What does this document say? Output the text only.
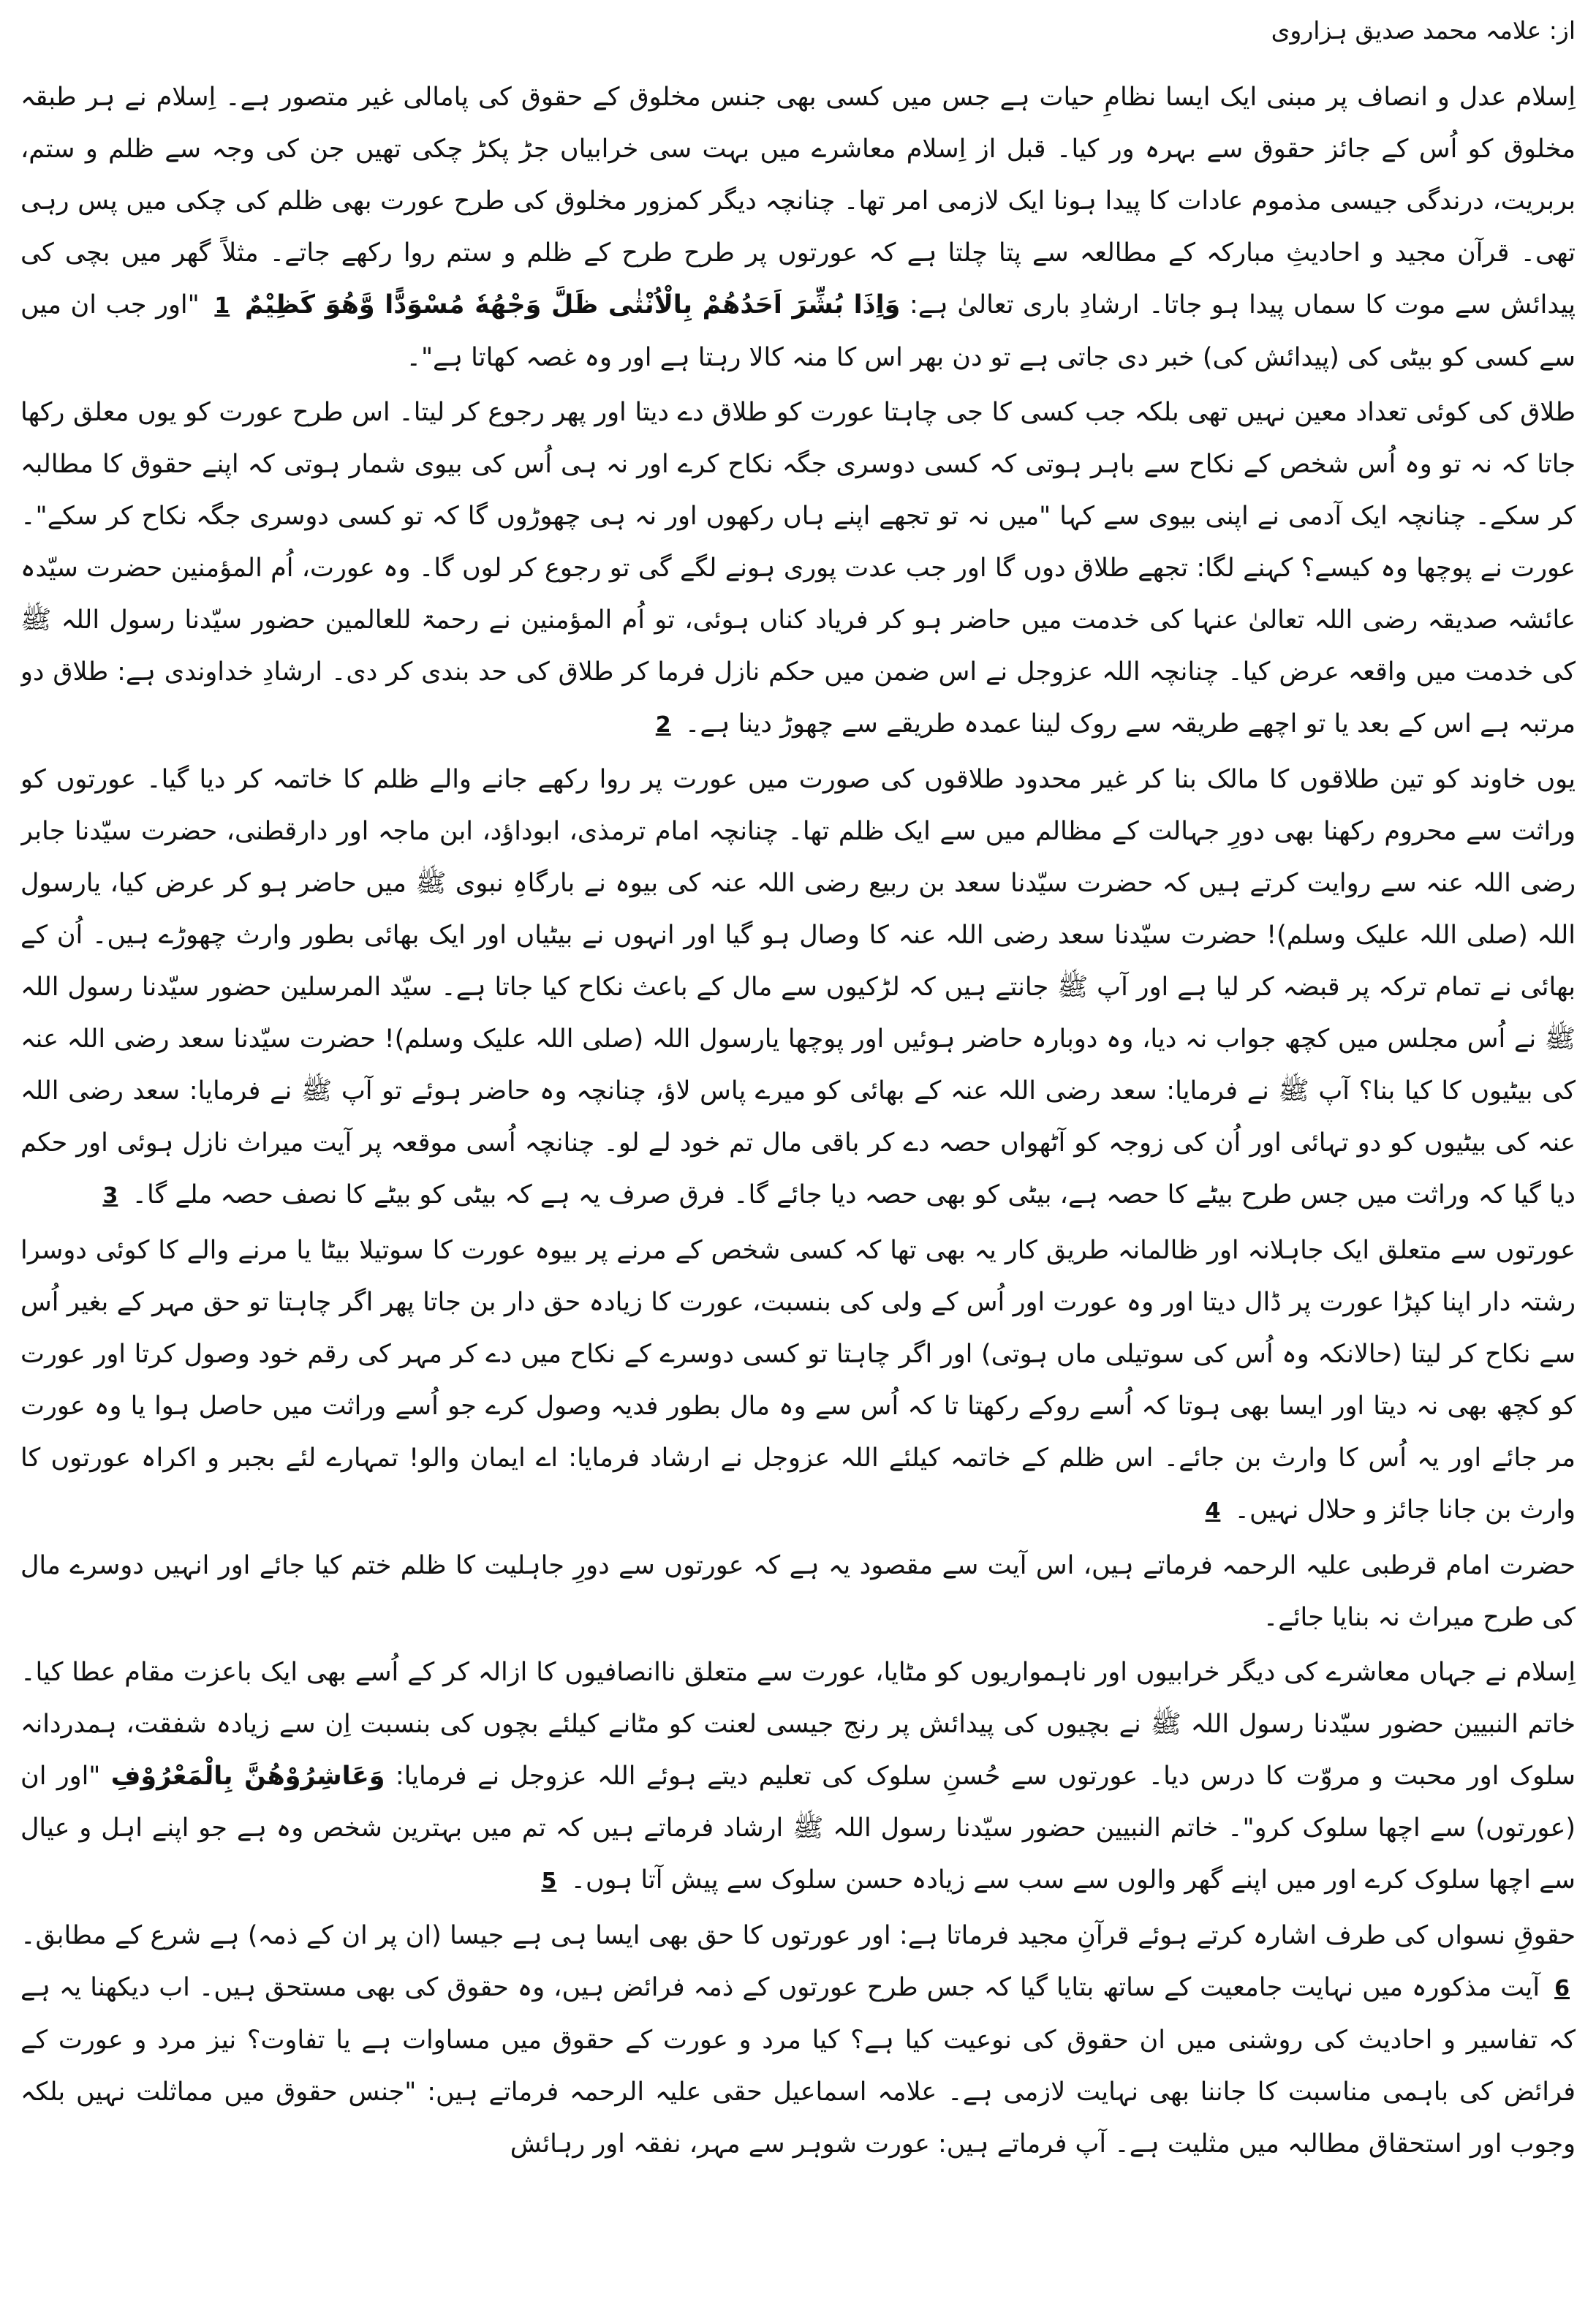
از: علامہ محمد صدیق ہزاروی
اِسلام عدل و انصاف پر مبنی ایک ایسا نظامِ حیات ہے جس میں کسی بھی جنس مخلوق کے حقوق کی پامالی غیر متصور ہے۔ اِسلام نے ہر طبقہ مخلوق کو اُس کے جائز حقوق سے بہرہ ور کیا۔ قبل از اِسلام معاشرے میں بہت سی خرابیاں جڑ پکڑ چکی تھیں جن کی وجہ سے ظلم و ستم، بربریت، درندگی جیسی مذموم عادات کا پیدا ہونا ایک لازمی امر تھا۔ چنانچہ دیگر کمزور مخلوق کی طرح عورت بھی ظلم کی چکی میں پس رہی تھی۔ قرآن مجید و احادیثِ مبارکہ کے مطالعہ سے پتا چلتا ہے کہ عورتوں پر طرح طرح کے ظلم و ستم روا رکھے جاتے۔ مثلاً گھر میں بچی کی پیدائش سے موت کا سماں پیدا ہو جاتا۔ ارشادِ باری تعالیٰ ہے: وَاِذَا بُشِّرَ اَحَدُهُمْ بِالْاُنْثٰى ظَلَّ وَجْهُهٗ مُسْوَدًّا وَّهُوَ كَظِيْمٌ 1 "اور جب ان میں سے کسی کو بیٹی کی (پیدائش کی) خبر دی جاتی ہے تو دن بھر اس کا منہ کالا رہتا ہے اور وہ غصہ کھاتا ہے"۔
طلاق کی کوئی تعداد معین نہیں تھی بلکہ جب کسی کا جی چاہتا عورت کو طلاق دے دیتا اور پھر رجوع کر لیتا۔ اس طرح عورت کو یوں معلق رکھا جاتا کہ نہ تو وہ اُس شخص کے نکاح سے باہر ہوتی کہ کسی دوسری جگہ نکاح کرے اور نہ ہی اُس کی بیوی شمار ہوتی کہ اپنے حقوق کا مطالبہ کر سکے۔ چنانچہ ایک آدمی نے اپنی بیوی سے کہا "میں نہ تو تجھے اپنے ہاں رکھوں اور نہ ہی چھوڑوں گا کہ تو کسی دوسری جگہ نکاح کر سکے"۔ عورت نے پوچھا وہ کیسے؟ کہنے لگا: تجھے طلاق دوں گا اور جب عدت پوری ہونے لگے گی تو رجوع کر لوں گا۔ وہ عورت، اُم المؤمنین حضرت سیّدہ عائشہ صدیقہ رضی اللہ تعالیٰ عنہا کی خدمت میں حاضر ہو کر فریاد کناں ہوئی، تو اُم المؤمنین نے رحمۃ للعالمین حضور سیّدنا رسول اللہ ﷺ کی خدمت میں واقعہ عرض کیا۔ چنانچہ اللہ عزوجل نے اس ضمن میں حکم نازل فرما کر طلاق کی حد بندی کر دی۔ ارشادِ خداوندی ہے: طلاق دو مرتبہ ہے اس کے بعد یا تو اچھے طریقہ سے روک لینا عمدہ طریقے سے چھوڑ دینا ہے۔ 2
یوں خاوند کو تین طلاقوں کا مالک بنا کر غیر محدود طلاقوں کی صورت میں عورت پر روا رکھے جانے والے ظلم کا خاتمہ کر دیا گیا۔ عورتوں کو وراثت سے محروم رکھنا بھی دورِ جہالت کے مظالم میں سے ایک ظلم تھا۔ چنانچہ امام ترمذی، ابوداؤد، ابن ماجہ اور دارقطنی، حضرت سیّدنا جابر رضی اللہ عنہ سے روایت کرتے ہیں کہ حضرت سیّدنا سعد بن ربیع رضی اللہ عنہ کی بیوہ نے بارگاہِ نبوی ﷺ میں حاضر ہو کر عرض کیا، یارسول اللہ (صلی اللہ علیک وسلم)! حضرت سیّدنا سعد رضی اللہ عنہ کا وصال ہو گیا اور انہوں نے بیٹیاں اور ایک بھائی بطور وارث چھوڑے ہیں۔ اُن کے بھائی نے تمام ترکہ پر قبضہ کر لیا ہے اور آپ ﷺ جانتے ہیں کہ لڑکیوں سے مال کے باعث نکاح کیا جاتا ہے۔ سیّد المرسلین حضور سیّدنا رسول اللہ ﷺ نے اُس مجلس میں کچھ جواب نہ دیا، وہ دوبارہ حاضر ہوئیں اور پوچھا یارسول اللہ (صلی اللہ علیک وسلم)! حضرت سیّدنا سعد رضی اللہ عنہ کی بیٹیوں کا کیا بنا؟ آپ ﷺ نے فرمایا: سعد رضی اللہ عنہ کے بھائی کو میرے پاس لاؤ، چنانچہ وہ حاضر ہوئے تو آپ ﷺ نے فرمایا: سعد رضی اللہ عنہ کی بیٹیوں کو دو تہائی اور اُن کی زوجہ کو آٹھواں حصہ دے کر باقی مال تم خود لے لو۔ چنانچہ اُسی موقعہ پر آیت میراث نازل ہوئی اور حکم دیا گیا کہ وراثت میں جس طرح بیٹے کا حصہ ہے، بیٹی کو بھی حصہ دیا جائے گا۔ فرق صرف یہ ہے کہ بیٹی کو بیٹے کا نصف حصہ ملے گا۔ 3
عورتوں سے متعلق ایک جاہلانہ اور ظالمانہ طریق کار یہ بھی تھا کہ کسی شخص کے مرنے پر بیوہ عورت کا سوتیلا بیٹا یا مرنے والے کا کوئی دوسرا رشتہ دار اپنا کپڑا عورت پر ڈال دیتا اور وہ عورت اور اُس کے ولی کی بنسبت، عورت کا زیادہ حق دار بن جاتا پھر اگر چاہتا تو حق مہر کے بغیر اُس سے نکاح کر لیتا (حالانکہ وہ اُس کی سوتیلی ماں ہوتی) اور اگر چاہتا تو کسی دوسرے کے نکاح میں دے کر مہر کی رقم خود وصول کرتا اور عورت کو کچھ بھی نہ دیتا اور ایسا بھی ہوتا کہ اُسے روکے رکھتا تا کہ اُس سے وہ مال بطور فدیہ وصول کرے جو اُسے وراثت میں حاصل ہوا یا وہ عورت مر جائے اور یہ اُس کا وارث بن جائے۔ اس ظلم کے خاتمہ کیلئے اللہ عزوجل نے ارشاد فرمایا: اے ایمان والو! تمہارے لئے بجبر و اکراہ عورتوں کا وارث بن جانا جائز و حلال نہیں۔ 4
حضرت امام قرطبی علیہ الرحمہ فرماتے ہیں، اس آیت سے مقصود یہ ہے کہ عورتوں سے دورِ جاہلیت کا ظلم ختم کیا جائے اور انہیں دوسرے مال کی طرح میراث نہ بنایا جائے۔
اِسلام نے جہاں معاشرے کی دیگر خرابیوں اور ناہمواریوں کو مٹایا، عورت سے متعلق ناانصافیوں کا ازالہ کر کے اُسے بھی ایک باعزت مقام عطا کیا۔ خاتم النبیین حضور سیّدنا رسول اللہ ﷺ نے بچیوں کی پیدائش پر رنج جیسی لعنت کو مٹانے کیلئے بچوں کی بنسبت اِن سے زیادہ شفقت، ہمدردانہ سلوک اور محبت و مروّت کا درس دیا۔ عورتوں سے حُسنِ سلوک کی تعلیم دیتے ہوئے اللہ عزوجل نے فرمایا: وَعَاشِرُوْهُنَّ بِالْمَعْرُوْفِ "اور ان (عورتوں) سے اچھا سلوک کرو"۔ خاتم النبیین حضور سیّدنا رسول اللہ ﷺ ارشاد فرماتے ہیں کہ تم میں بہترین شخص وہ ہے جو اپنے اہل و عیال سے اچھا سلوک کرے اور میں اپنے گھر والوں سے سب سے زیادہ حسن سلوک سے پیش آتا ہوں۔ 5
حقوقِ نسواں کی طرف اشارہ کرتے ہوئے قرآنِ مجید فرماتا ہے: اور عورتوں کا حق بھی ایسا ہی ہے جیسا (ان پر ان کے ذمہ) ہے شرع کے مطابق۔ 6 آیت مذکورہ میں نہایت جامعیت کے ساتھ بتایا گیا کہ جس طرح عورتوں کے ذمہ فرائض ہیں، وہ حقوق کی بھی مستحق ہیں۔ اب دیکھنا یہ ہے کہ تفاسیر و احادیث کی روشنی میں ان حقوق کی نوعیت کیا ہے؟ کیا مرد و عورت کے حقوق میں مساوات ہے یا تفاوت؟ نیز مرد و عورت کے فرائض کی باہمی مناسبت کا جاننا بھی نہایت لازمی ہے۔ علامہ اسماعیل حقی علیہ الرحمہ فرماتے ہیں: "جنس حقوق میں مماثلت نہیں بلکہ وجوب اور استحقاق مطالبہ میں مثلیت ہے۔ آپ فرماتے ہیں: عورت شوہر سے مہر، نفقہ اور رہائش
